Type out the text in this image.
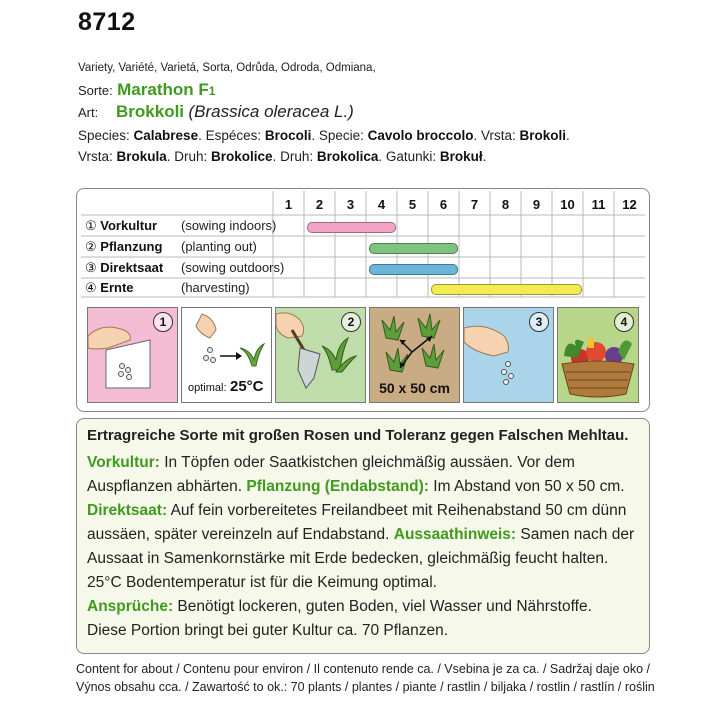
8712
Variety, Variété, Varietá, Sorta, Odrůda, Odroda, Odmiana,
Sorte: Marathon F1
Art: Brokkoli (Brassica oleracea L.)
Species: Calabrese. Espéces: Brocoli. Specie: Cavolo broccolo. Vrsta: Brokoli.
Vrsta: Brokula. Druh: Brokolice. Druh: Brokolica. Gatunki: Brokuł.
1	2	3	4	5	6	7	8	9	10	11	12
① Vorkultur (sowing indoors)
② Pflanzung (planting out)
③ Direktsaat (sowing outdoors)
④ Ernte	(harvesting)
1
optimal: 25°C
2
50 x 50 cm
3	4
Ertragreiche Sorte mit großen Rosen und Toleranz gegen Falschen Mehltau.
Vorkultur: In Töpfen oder Saatkistchen gleichmäßig aussäen. Vor dem
Auspflanzen abhärten. Pflanzung (Endabstand): Im Abstand von 50 x 50 cm.
Direktsaat: Auf fein vorbereitetes Freilandbeet mit Reihenabstand 50 cm dünn
aussäen, später vereinzeln auf Endabstand. Aussaathinweis: Samen nach der
Aussaat in Samenkornstärke mit Erde bedecken, gleichmäßig feucht halten.
25°C Bodentemperatur ist für die Keimung optimal.
Ansprüche: Benötigt lockeren, guten Boden, viel Wasser und Nährstoffe.
Diese Portion bringt bei guter Kultur ca. 70 Pflanzen.
Content for about / Contenu pour environ / Il contenuto rende ca. / Vsebina je za ca. / Sadržaj daje oko /
Výnos obsahu cca. / Zawartość to ok.: 70 plants / plantes / piante / rastlin / biljaka / rostlin / rastlín / roślin
